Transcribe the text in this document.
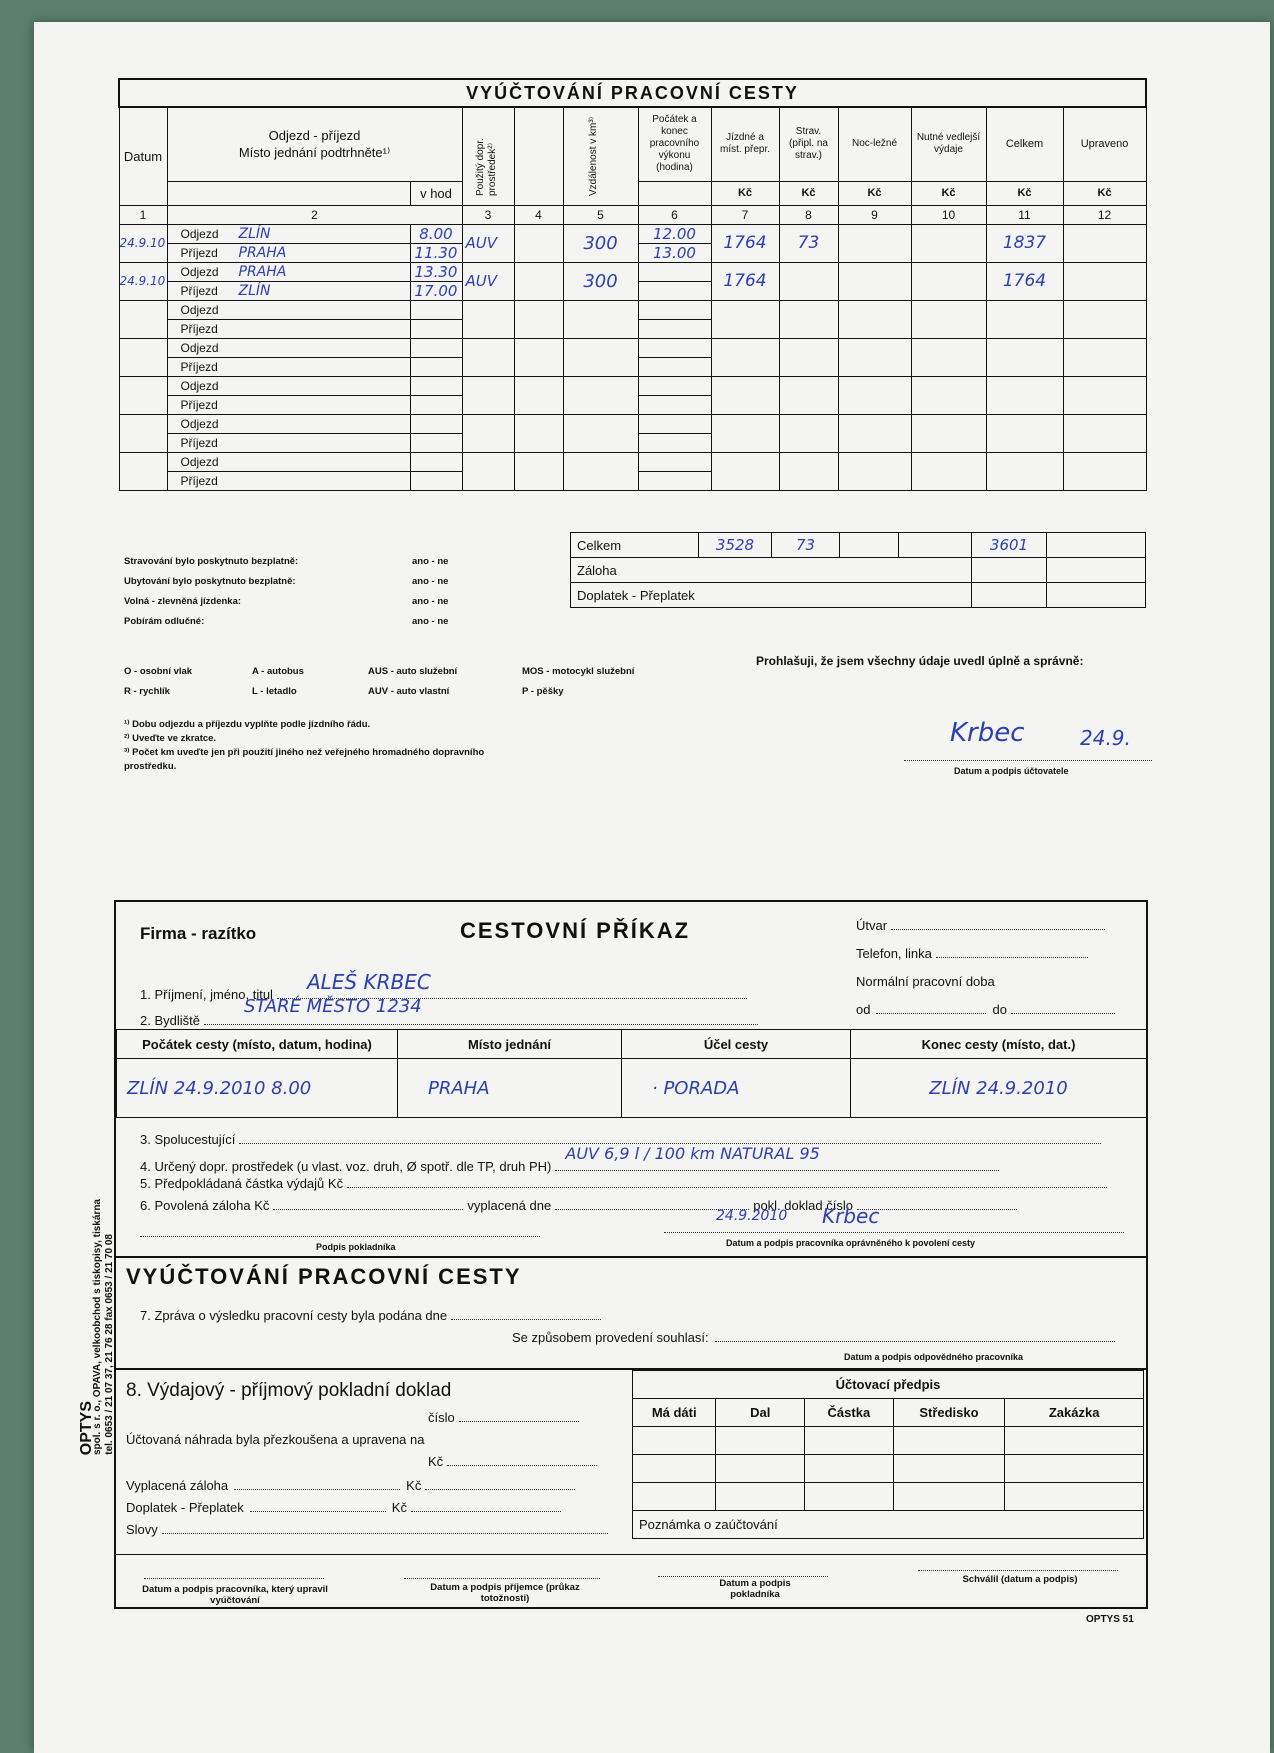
VYÚČTOVÁNÍ PRACOVNÍ CESTY												
Datum	Odjezd - příjezd
Místo jednání podtrhněte¹⁾		Použitý dopr. prostředek²⁾		Vzdálenost v km³⁾	Počátek a konec pracovního výkonu (hodina)	Jízdné a míst. přepr.	Strav. (připl. na strav.)	Noc-ležné	Nutné vedlejší výdaje	Celkem	Upraveno
		v hod					Kč	Kč	Kč	Kč	Kč	Kč
1	2		3	4	5	6	7	8	9	10	11	12
24.9.10	Odjezd ZLÍN	8.00	AUV		300	12.00	1764	73			1837	
	Příjezd PRAHA	11.30				13.00						
24.9.10	Odjezd PRAHA	13.30	AUV		300		1764				1764	
	Příjezd ZLÍN	17.00										
	Odjezd											
	Příjezd											
	Odjezd											
	Příjezd											
	Odjezd											
	Příjezd											
	Odjezd											
	Příjezd											
	Odjezd											
	Příjezd											
Celkem	3528	73			3601	
Záloha						
Doplatek - Přeplatek						
Stravování bylo poskytnuto bezplatně:
Ubytování bylo poskytnuto bezplatně:
Volná - zlevněná jízdenka:
Pobírám odlučné:
ano - ne
ano - ne
ano - ne
ano - ne
O - osobní vlak	A - autobus	AUS - auto služební	MOS - motocykl služební
R - rychlík	L - letadlo	AUV - auto vlastní	P - pěšky
¹⁾ Dobu odjezdu a příjezdu vyplňte podle jízdního řádu.
²⁾ Uveďte ve zkratce.
³⁾ Počet km uveďte jen při použití jiného než veřejného hromadného dopravního prostředku.
Prohlašuji, že jsem všechny údaje uvedl úplně a správně:
Krbec	24.9.
Datum a podpis účtovatele
OPTYS
spol. s r. o., OPAVA, velkoobchod s tiskopisy, tiskárna tel. 0653 / 21 07 37, 21 76 28 fax 0653 / 21 70 08
Firma - razítko	CESTOVNÍ PŘÍKAZ	Útvar
Telefon, linka
Normální pracovní doba
od	do
1. Příjmení, jméno, titul
ALEŠ KRBEC
2. Bydliště
STARÉ MĚSTO 1234
Počátek cesty (místo, datum, hodina)	Místo jednání	Účel cesty	Konec cesty (místo, dat.)
ZLÍN 24.9.2010 8.00	PRAHA	· PORADA	ZLÍN 24.9.2010
3. Spolucestující
4. Určený dopr. prostředek (u vlast. voz. druh, Ø spotř. dle TP, druh PH)
AUV 6,9 l / 100 km NATURAL 95
5. Předpokládaná částka výdajů Kč
6. Povolená záloha Kč	vyplacená dne	pokl. doklad číslo
Podpis pokladníka
24.9.2010 Krbec
Datum a podpis pracovníka oprávněného k povolení cesty
VYÚČTOVÁNÍ PRACOVNÍ CESTY
7. Zpráva o výsledku pracovní cesty byla podána dne
Se způsobem provedení souhlasí:
Datum a podpis odpovědného pracovníka
8. Výdajový - příjmový pokladní doklad
číslo
Účtovaná náhrada byla přezkoušena a upravena na
Kč
Vyplacená záloha	Kč
Doplatek - Přeplatek	Kč
Slovy
Účtovací předpis				
Má dáti	Dal	Částka	Středisko	Zakázka

Poznámka o zaúčtování				
Datum a podpis pracovníka, který upravil vyúčtování
Datum a podpis příjemce (průkaz totožnosti)
Datum a podpis pokladníka
Schválil (datum a podpis)
OPTYS 51
